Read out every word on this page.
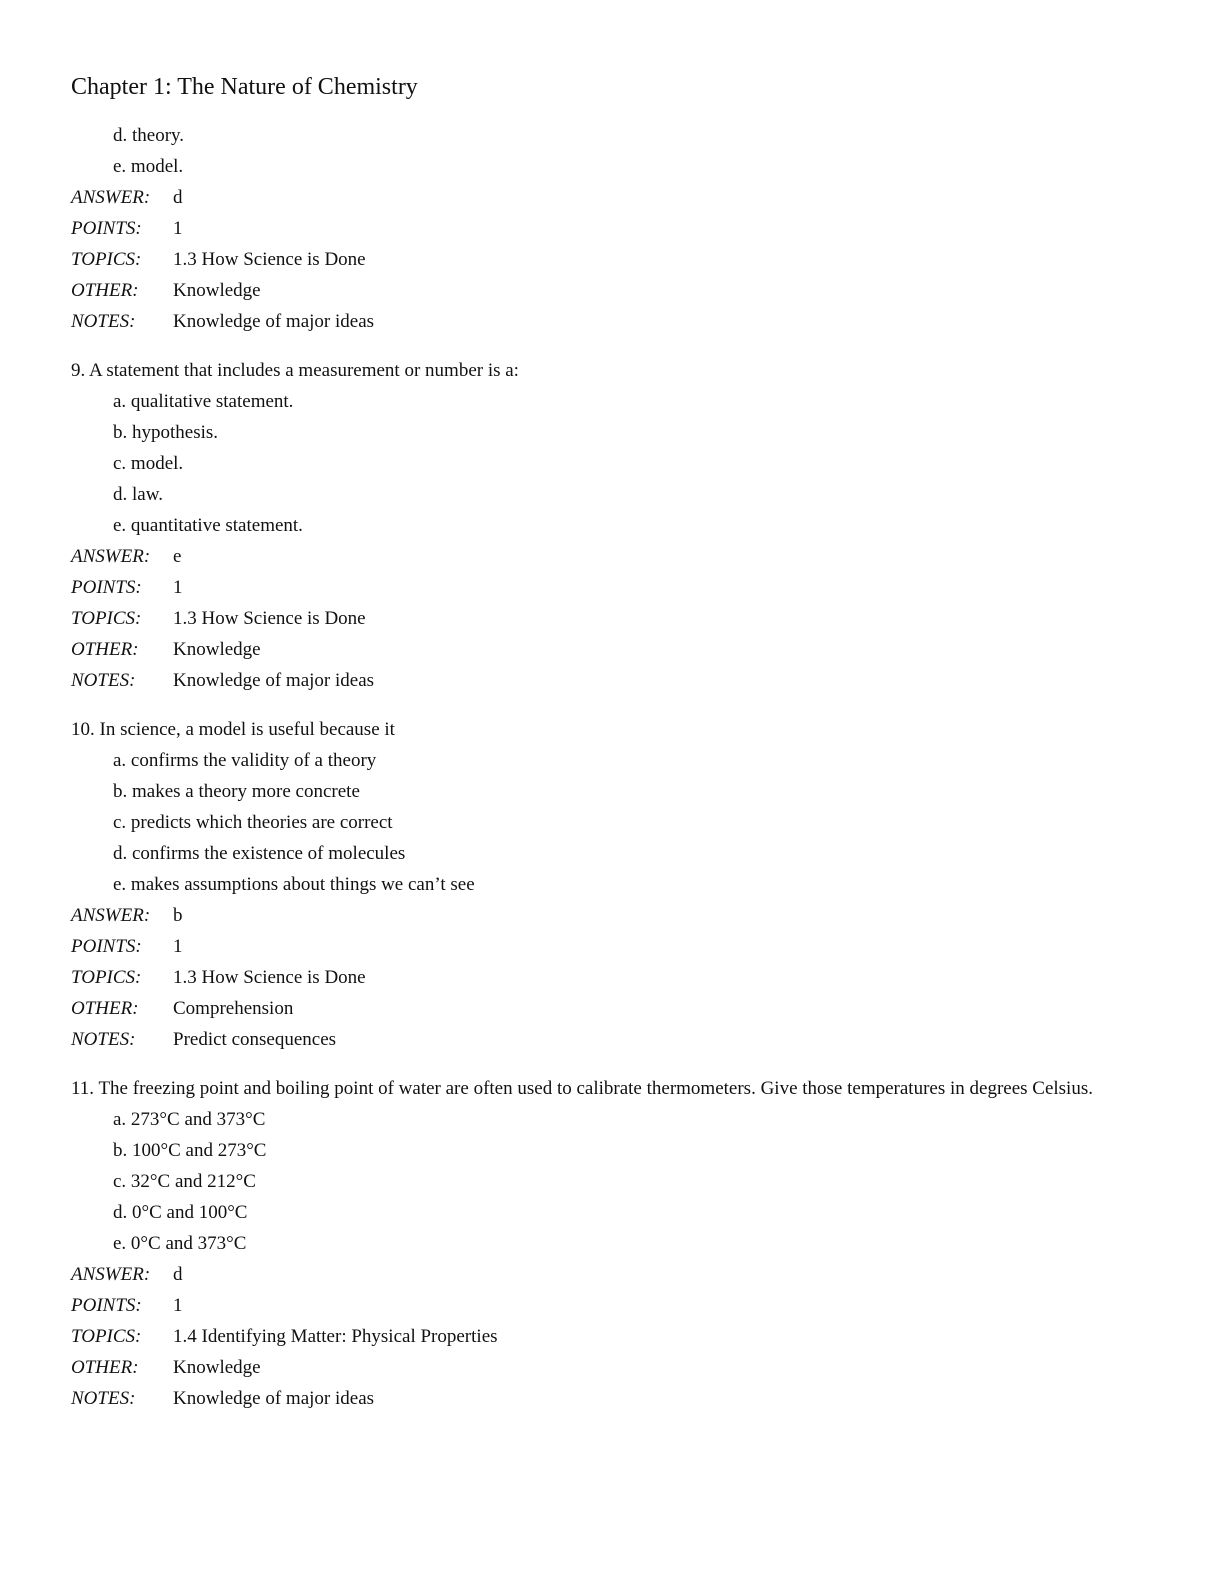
Chapter 1: The Nature of Chemistry
d. theory.
e. model.
ANSWER:	d
POINTS:	1
TOPICS:	1.3 How Science is Done
OTHER:	Knowledge
NOTES:	Knowledge of major ideas
9. A statement that includes a measurement or number is a:
a. qualitative statement.
b. hypothesis.
c. model.
d. law.
e. quantitative statement.
ANSWER:	e
POINTS:	1
TOPICS:	1.3 How Science is Done
OTHER:	Knowledge
NOTES:	Knowledge of major ideas
10. In science, a model is useful because it
a. confirms the validity of a theory
b. makes a theory more concrete
c. predicts which theories are correct
d. confirms the existence of molecules
e. makes assumptions about things we can’t see
ANSWER:	b
POINTS:	1
TOPICS:	1.3 How Science is Done
OTHER:	Comprehension
NOTES:	Predict consequences
11. The freezing point and boiling point of water are often used to calibrate thermometers. Give those temperatures in degrees Celsius.
a. 273°C and 373°C
b. 100°C and 273°C
c. 32°C and 212°C
d. 0°C and 100°C
e. 0°C and 373°C
ANSWER:	d
POINTS:	1
TOPICS:	1.4 Identifying Matter: Physical Properties
OTHER:	Knowledge
NOTES:	Knowledge of major ideas
